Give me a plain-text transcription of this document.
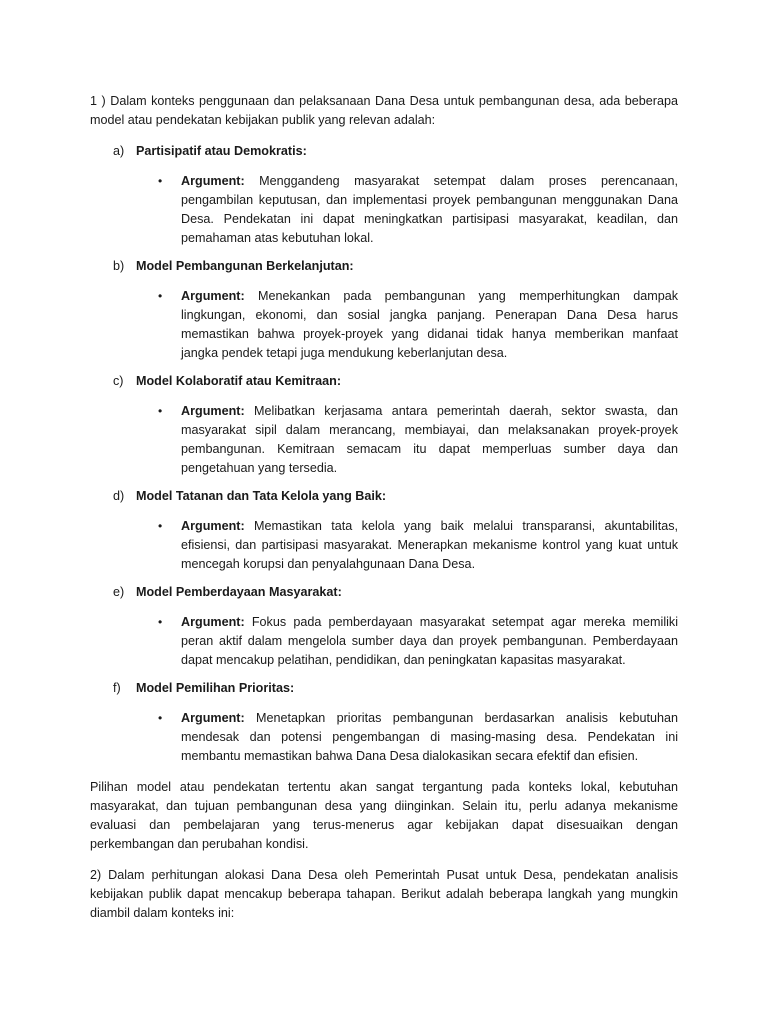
1 ) Dalam konteks penggunaan dan pelaksanaan Dana Desa untuk pembangunan desa, ada beberapa model atau pendekatan kebijakan publik yang relevan adalah:

a) Partisipatif atau Demokratis:
• Argument: Menggandeng masyarakat setempat dalam proses perencanaan, pengambilan keputusan, dan implementasi proyek pembangunan menggunakan Dana Desa. Pendekatan ini dapat meningkatkan partisipasi masyarakat, keadilan, dan pemahaman atas kebutuhan lokal.
b) Model Pembangunan Berkelanjutan:
• Argument: Menekankan pada pembangunan yang memperhitungkan dampak lingkungan, ekonomi, dan sosial jangka panjang. Penerapan Dana Desa harus memastikan bahwa proyek-proyek yang didanai tidak hanya memberikan manfaat jangka pendek tetapi juga mendukung keberlanjutan desa.
c) Model Kolaboratif atau Kemitraan:
• Argument: Melibatkan kerjasama antara pemerintah daerah, sektor swasta, dan masyarakat sipil dalam merancang, membiayai, dan melaksanakan proyek-proyek pembangunan. Kemitraan semacam itu dapat memperluas sumber daya dan pengetahuan yang tersedia.
d) Model Tatanan dan Tata Kelola yang Baik:
• Argument: Memastikan tata kelola yang baik melalui transparansi, akuntabilitas, efisiensi, dan partisipasi masyarakat. Menerapkan mekanisme kontrol yang kuat untuk mencegah korupsi dan penyalahgunaan Dana Desa.
e) Model Pemberdayaan Masyarakat:
• Argument: Fokus pada pemberdayaan masyarakat setempat agar mereka memiliki peran aktif dalam mengelola sumber daya dan proyek pembangunan. Pemberdayaan dapat mencakup pelatihan, pendidikan, dan peningkatan kapasitas masyarakat.
f) Model Pemilihan Prioritas:
• Argument: Menetapkan prioritas pembangunan berdasarkan analisis kebutuhan mendesak dan potensi pengembangan di masing-masing desa. Pendekatan ini membantu memastikan bahwa Dana Desa dialokasikan secara efektif dan efisien.

Pilihan model atau pendekatan tertentu akan sangat tergantung pada konteks lokal, kebutuhan masyarakat, dan tujuan pembangunan desa yang diinginkan. Selain itu, perlu adanya mekanisme evaluasi dan pembelajaran yang terus-menerus agar kebijakan dapat disesuaikan dengan perkembangan dan perubahan kondisi.

2) Dalam perhitungan alokasi Dana Desa oleh Pemerintah Pusat untuk Desa, pendekatan analisis kebijakan publik dapat mencakup beberapa tahapan. Berikut adalah beberapa langkah yang mungkin diambil dalam konteks ini:
